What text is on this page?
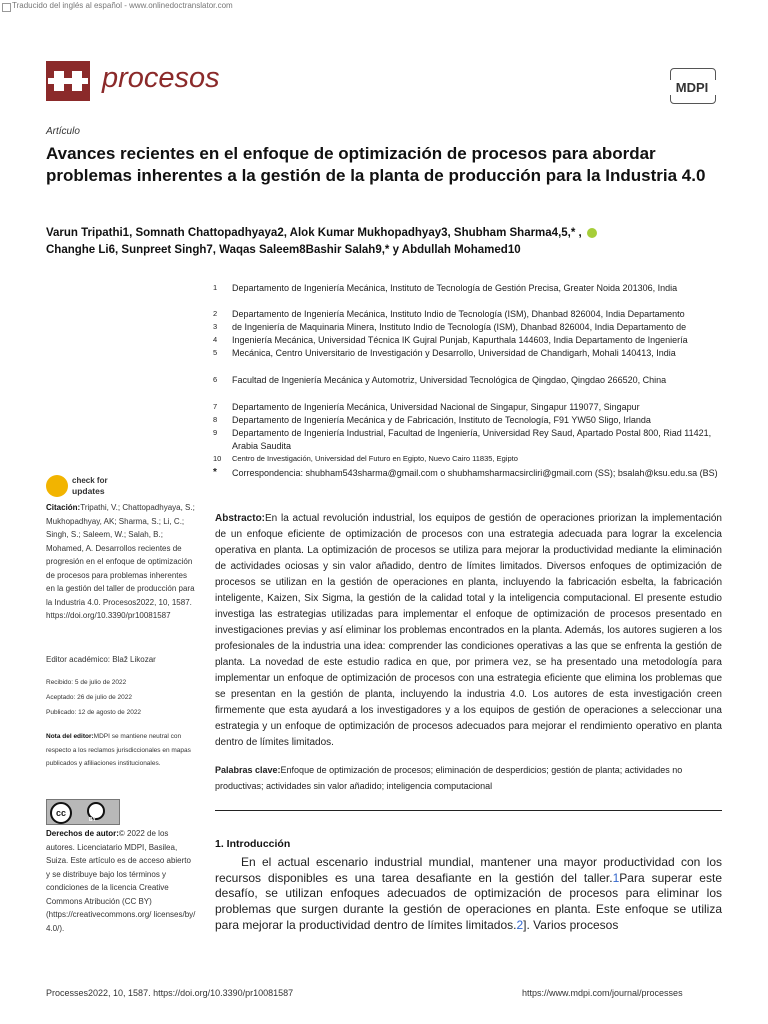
Traducido del inglés al español - www.onlinedoctranslator.com
procesos	MDPI
Artículo
Avances recientes en el enfoque de optimización de procesos para abordar problemas inherentes a la gestión de la planta de producción para la Industria 4.0
Varun Tripathi1, Somnath Chattopadhyaya2, Alok Kumar Mukhopadhyay3, Shubham Sharma4,5,* ,
Changhe Li6, Sunpreet Singh7, Waqas Saleem8Bashir Salah9,* y Abdullah Mohamed10
1 Departamento de Ingeniería Mecánica, Instituto de Tecnología de Gestión Precisa, Greater Noida 201306, India
2 Departamento de Ingeniería Mecánica, Instituto Indio de Tecnología (ISM), Dhanbad 826004, India Departamento
3 de Ingeniería de Maquinaria Minera, Instituto Indio de Tecnología (ISM), Dhanbad 826004, India Departamento de
4 Ingeniería Mecánica, Universidad Técnica IK Gujral Punjab, Kapurthala 144603, India Departamento de Ingeniería
5 Mecánica, Centro Universitario de Investigación y Desarrollo, Universidad de Chandigarh, Mohali 140413, India
6 Facultad de Ingeniería Mecánica y Automotriz, Universidad Tecnológica de Qingdao, Qingdao 266520, China
7 Departamento de Ingeniería Mecánica, Universidad Nacional de Singapur, Singapur 119077, Singapur
8 Departamento de Ingeniería Mecánica y de Fabricación, Instituto de Tecnología, F91 YW50 Sligo, Irlanda
9 Departamento de Ingeniería Industrial, Facultad de Ingeniería, Universidad Rey Saud, Apartado Postal 800, Riad 11421, Arabia Saudita
10 Centro de Investigación, Universidad del Futuro en Egipto, Nuevo Cairo 11835, Egipto
* Correspondencia: shubham543sharma@gmail.com o shubhamsharmacsircliri@gmail.com (SS); bsalah@ksu.edu.sa (BS)
check for
updates
Citación:Tripathi, V.; Chattopadhyaya, S.; Mukhopadhyay, AK; Sharma, S.; Li, C.; Singh, S.; Saleem, W.; Salah, B.; Mohamed, A. Desarrollos recientes de progresión en el enfoque de optimización de procesos para problemas inherentes en la gestión del taller de producción para la Industria 4.0. Procesos2022, 10, 1587. https://doi.org/10.3390/pr10081587
Editor académico: Blaž Likozar
Recibido: 5 de julio de 2022
Aceptado: 26 de julio de 2022
Publicado: 12 de agosto de 2022
Nota del editor:MDPI se mantiene neutral con respecto a los reclamos jurisdiccionales en mapas publicados y afiliaciones institucionales.
cc
BY
Derechos de autor:© 2022 de los autores. Licenciatario MDPI, Basilea, Suiza. Este artículo es de acceso abierto y se distribuye bajo los términos y condiciones de la licencia Creative Commons Atribución (CC BY) (https://creativecommons.org/ licenses/by/ 4.0/).
Abstracto:En la actual revolución industrial, los equipos de gestión de operaciones priorizan la implementación de un enfoque eficiente de optimización de procesos con una estrategia adecuada para lograr la excelencia operativa en planta. La optimización de procesos se utiliza para mejorar la productividad mediante la eliminación de actividades ociosas y sin valor añadido, dentro de límites limitados. Diversos enfoques de optimización de procesos se utilizan en la gestión de operaciones en planta, incluyendo la fabricación esbelta, la fabricación inteligente, Kaizen, Six Sigma, la gestión de la calidad total y la inteligencia computacional. El presente estudio investiga las estrategias utilizadas para implementar el enfoque de optimización de procesos presentado en investigaciones previas y así eliminar los problemas encontrados en la planta. Además, los autores sugieren a los profesionales de la industria una idea: comprender las condiciones operativas a las que se enfrenta la gestión de planta. La novedad de este estudio radica en que, por primera vez, se ha presentado una metodología para implementar un enfoque de optimización de procesos con una estrategia eficiente que elimina los problemas que se presentan en la gestión de planta, incluyendo la industria 4.0. Los autores de esta investigación creen firmemente que esta ayudará a los investigadores y a los equipos de gestión de operaciones a seleccionar una estrategia y un enfoque de optimización de procesos adecuados para mejorar el rendimiento operativo en planta dentro de límites limitados.
Palabras clave:Enfoque de optimización de procesos; eliminación de desperdicios; gestión de planta; actividades no productivas; actividades sin valor añadido; inteligencia computacional
1. Introducción
En el actual escenario industrial mundial, mantener una mayor productividad con los recursos disponibles es una tarea desafiante en la gestión del taller.1Para superar este desafío, se utilizan enfoques adecuados de optimización de procesos para eliminar los problemas que surgen durante la gestión de operaciones en planta. Este enfoque se utiliza para mejorar la productividad dentro de límites limitados.2]. Varios procesos
Processes2022, 10, 1587. https://doi.org/10.3390/pr10081587	https://www.mdpi.com/journal/processes
